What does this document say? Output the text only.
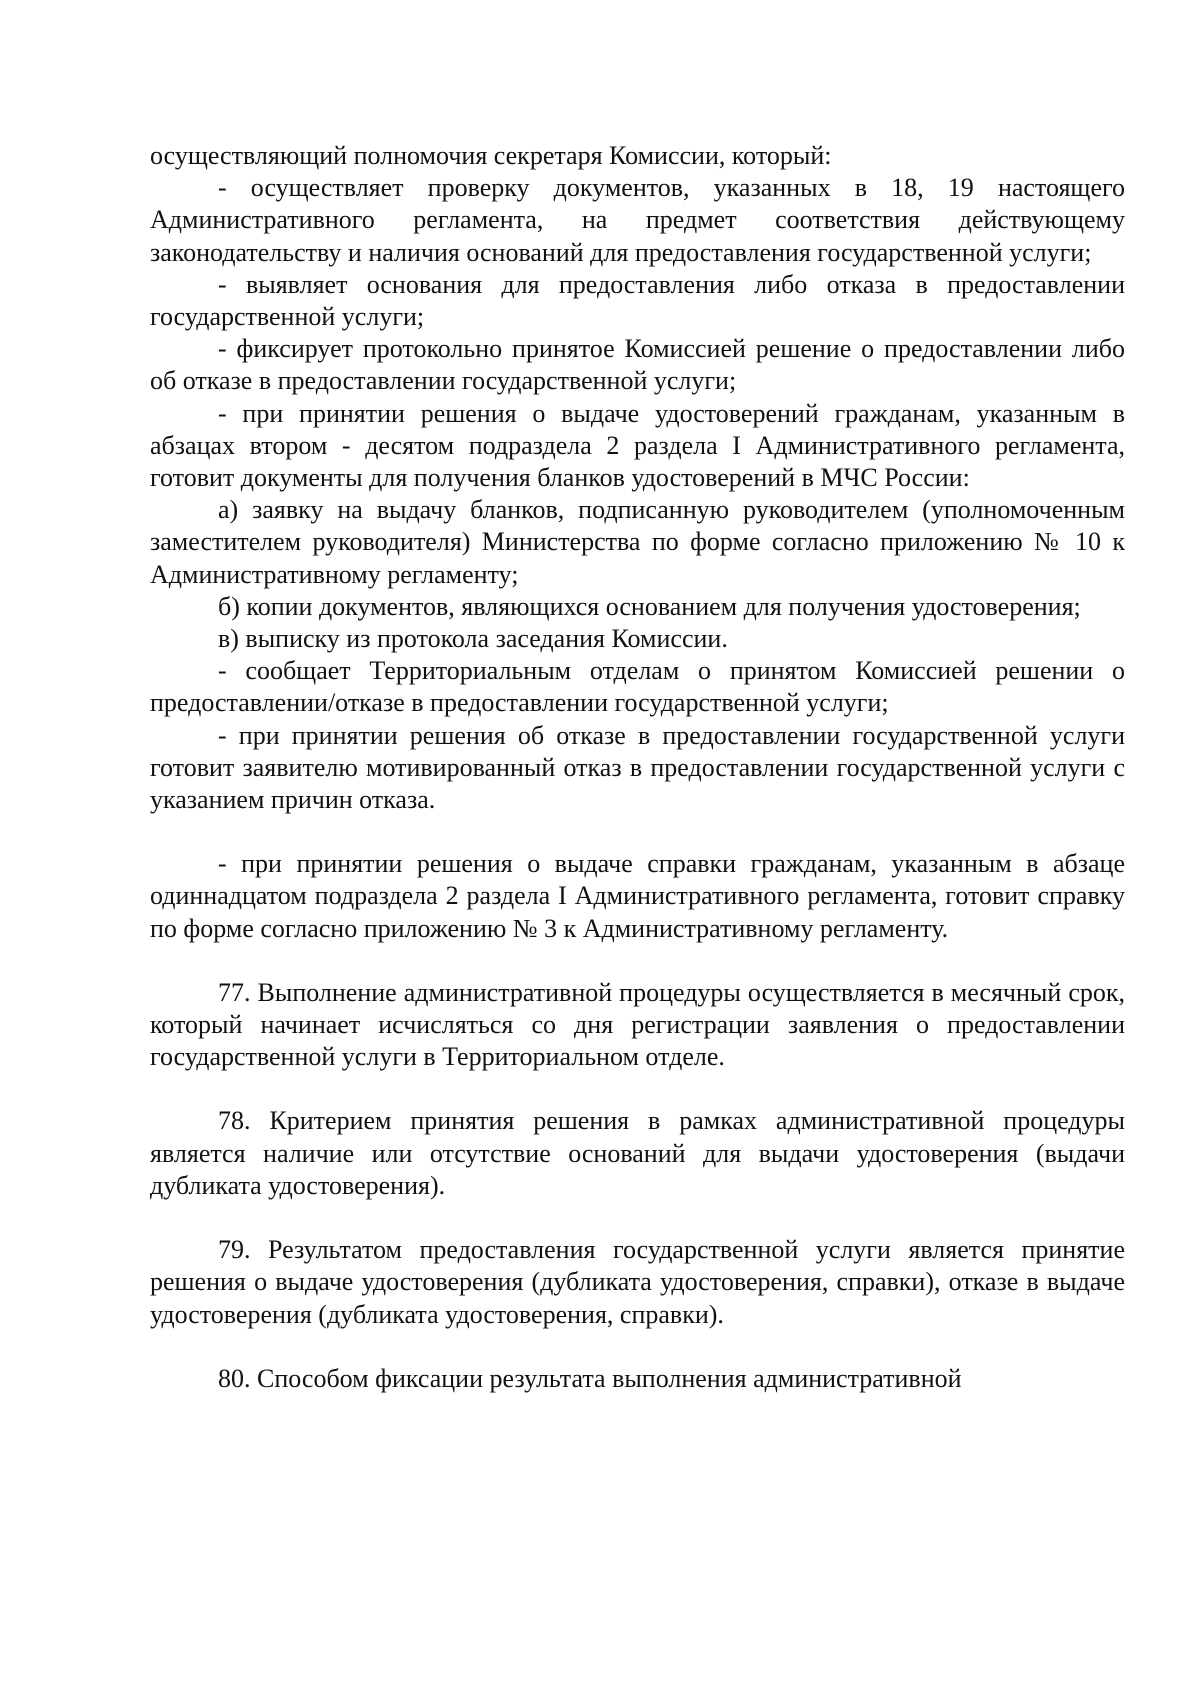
осуществляющий полномочия секретаря Комиссии, который:

- осуществляет проверку документов, указанных в 18, 19 настоящего Административного регламента, на предмет соответствия действующему законодательству и наличия оснований для предоставления государственной услуги;

- выявляет основания для предоставления либо отказа в предоставлении государственной услуги;

- фиксирует протокольно принятое Комиссией решение о предоставлении либо об отказе в предоставлении государственной услуги;

- при принятии решения о выдаче удостоверений гражданам, указанным в абзацах втором - десятом подраздела 2 раздела I Административного регламента, готовит документы для получения бланков удостоверений в МЧС России:

а) заявку на выдачу бланков, подписанную руководителем (уполномоченным заместителем руководителя) Министерства по форме согласно приложению № 10 к Административному регламенту;

б) копии документов, являющихся основанием для получения удостоверения;

в) выписку из протокола заседания Комиссии.

- сообщает Территориальным отделам о принятом Комиссией решении о предоставлении/отказе в предоставлении государственной услуги;

- при принятии решения об отказе в предоставлении государственной услуги готовит заявителю мотивированный отказ в предоставлении государственной услуги с указанием причин отказа.

- при принятии решения о выдаче справки гражданам, указанным в абзаце одиннадцатом подраздела 2 раздела I Административного регламента, готовит справку по форме согласно приложению № 3 к Административному регламенту.

77. Выполнение административной процедуры осуществляется в месячный срок, который начинает исчисляться со дня регистрации заявления о предоставлении государственной услуги в Территориальном отделе.

78. Критерием принятия решения в рамках административной процедуры является наличие или отсутствие оснований для выдачи удостоверения (выдачи дубликата удостоверения).

79. Результатом предоставления государственной услуги является принятие решения о выдаче удостоверения (дубликата удостоверения, справки), отказе в выдаче удостоверения (дубликата удостоверения, справки).

80. Способом фиксации результата выполнения административной
